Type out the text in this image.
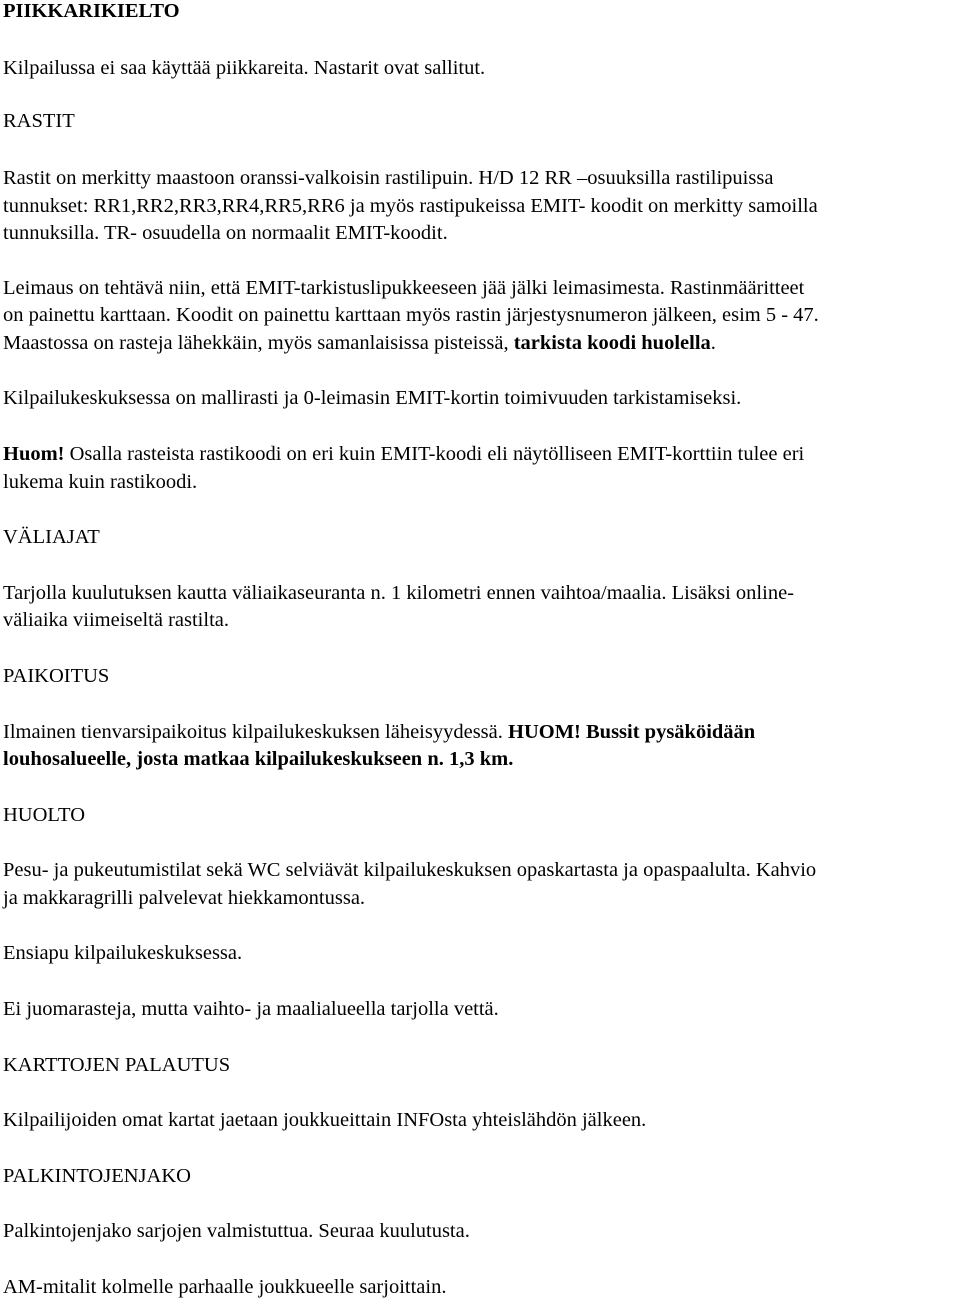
PIIKKARIKIELTO

Kilpailussa ei saa käyttää piikkareita. Nastarit ovat sallitut.

RASTIT

Rastit on merkitty maastoon oranssi-valkoisin rastilipuin. H/D 12 RR –osuuksilla rastilipuissa

tunnukset: RR1,RR2,RR3,RR4,RR5,RR6 ja myös rastipukeissa EMIT- koodit on merkitty samoilla

tunnuksilla. TR- osuudella on normaalit EMIT-koodit.

Leimaus on tehtävä niin, että EMIT-tarkistuslipukkeeseen jää jälki leimasimesta. Rastinmääritteet

on painettu karttaan. Koodit on painettu karttaan myös rastin järjestysnumeron jälkeen, esim 5 - 47.

Maastossa on rasteja lähekkäin, myös samanlaisissa pisteissä, tarkista koodi huolella.

Kilpailukeskuksessa on mallirasti ja 0-leimasin EMIT-kortin toimivuuden tarkistamiseksi.

Huom! Osalla rasteista rastikoodi on eri kuin EMIT-koodi eli näytölliseen EMIT-korttiin tulee eri

lukema kuin rastikoodi.

VÄLIAJAT

Tarjolla kuulutuksen kautta väliaikaseuranta n. 1 kilometri ennen vaihtoa/maalia. Lisäksi online-

väliaika viimeiseltä rastilta.

PAIKOITUS

Ilmainen tienvarsipaikoitus kilpailukeskuksen läheisyydessä. HUOM! Bussit pysäköidään

louhosalueelle, josta matkaa kilpailukeskukseen n. 1,3 km.

HUOLTO

Pesu- ja pukeutumistilat sekä WC selviävät kilpailukeskuksen opaskartasta ja opaspaalulta. Kahvio

ja makkaragrilli palvelevat hiekkamontussa.

Ensiapu kilpailukeskuksessa.

Ei juomarasteja, mutta vaihto- ja maalialueella tarjolla vettä.

KARTTOJEN PALAUTUS

Kilpailijoiden omat kartat jaetaan joukkueittain INFOsta yhteislähdön jälkeen.

PALKINTOJENJAKO

Palkintojenjako sarjojen valmistuttua. Seuraa kuulutusta.

AM-mitalit kolmelle parhaalle joukkueelle sarjoittain.
